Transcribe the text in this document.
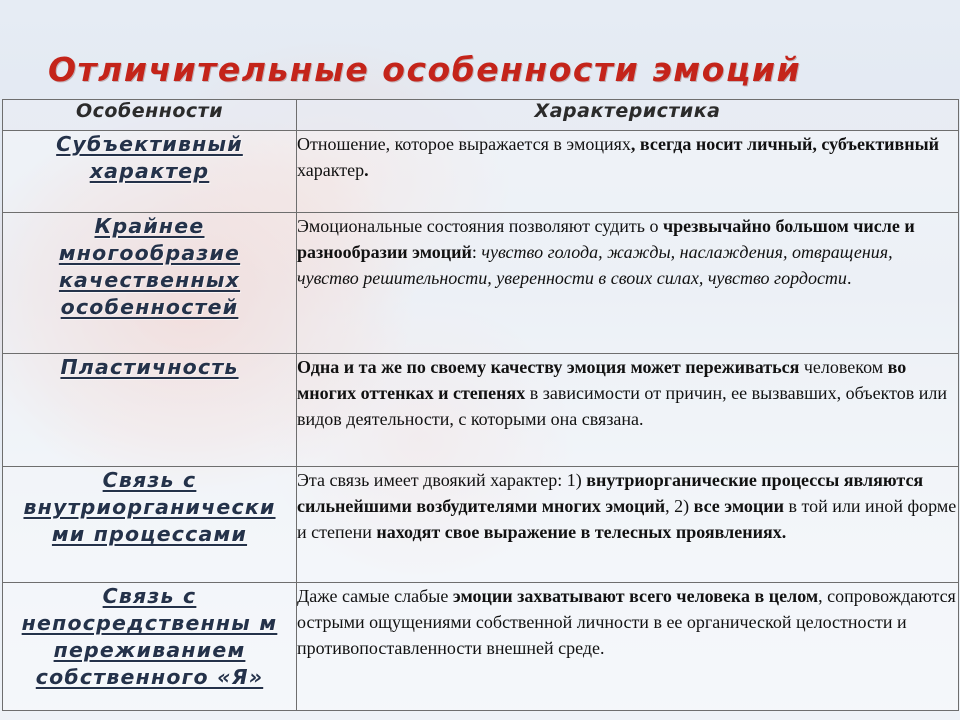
Отличительные особенности эмоций
Особенности	Характеристика
Субъективный характер	Отношение, которое выражается в эмоциях, всегда носит личный, субъективный характер.
Крайнее многообразие качественных особенностей	Эмоциональные состояния позволяют судить о чрезвычайно большом числе и разнообразии эмоций: чувство голода, жажды, наслаждения, отвращения, чувство решительности, уверенности в своих силах, чувство гордости.
Пластичность	Одна и та же по своему качеству эмоция может переживаться человеком во многих оттенках и степенях в зависимости от причин, ее вызвавших, объектов или видов деятельности, с которыми она связана.
Связь с внутриорганически ми процессами	Эта связь имеет двоякий характер: 1) внутриорганические процессы являются сильнейшими возбудителями многих эмоций, 2) все эмоции в той или иной форме и степени находят свое выражение в телесных проявлениях.
Связь с непосредственны м переживанием собственного «Я»	Даже самые слабые эмоции захватывают всего человека в целом, сопровождаются острыми ощущениями собственной личности в ее органической целостности и противопоставленности внешней среде.
